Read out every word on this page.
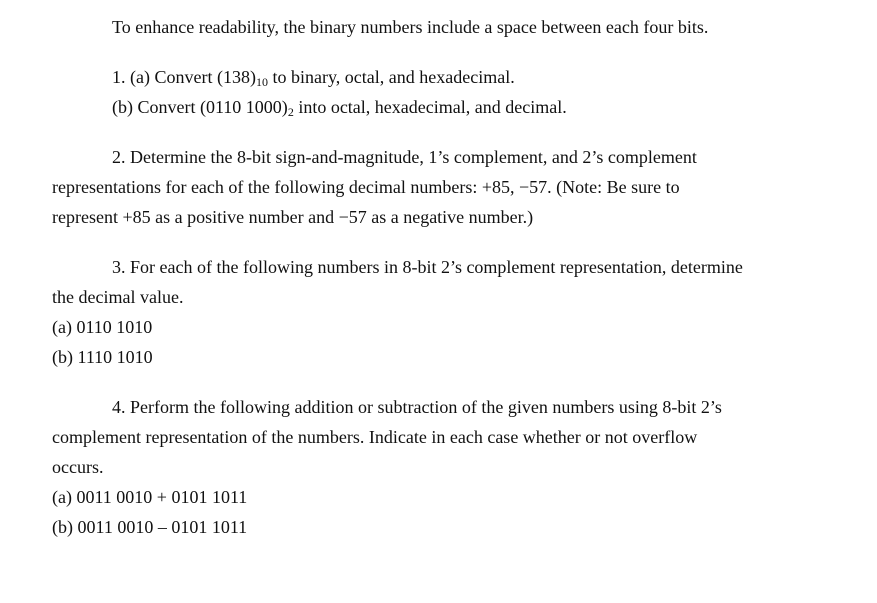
To enhance readability, the binary numbers include a space between each four bits.
1. (a) Convert $(138)_{10}$ to binary, octal, and hexadecimal.
(b) Convert (0110 $1000)_2$ into octal, hexadecimal, and decimal.
2. Determine the 8-bit sign-and-magnitude, 1’s complement, and 2’s complement
representations for each of the following decimal numbers: +85, −57. (Note: Be sure to
represent +85 as a positive number and −57 as a negative number.)
3. For each of the following numbers in 8-bit 2’s complement representation, determine
the decimal value.
(a) 0110 1010
(b) 1110 1010
4. Perform the following addition or subtraction of the given numbers using 8-bit 2’s
complement representation of the numbers. Indicate in each case whether or not overflow
occurs.
(a) 0011 0010 + 0101 1011
(b) 0011 0010 – 0101 1011
